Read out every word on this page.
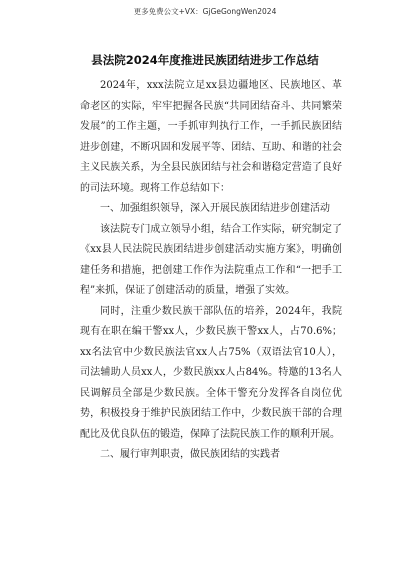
更多免费公文+VX：GjGeGongWen2024
县法院2024年度推进民族团结进步工作总结

2024年，xxx法院立足xx县边疆地区、民族地区、革命老区的实际，牢牢把握各民族“共同团结奋斗、共同繁荣发展”的工作主题，一手抓审判执行工作，一手抓民族团结进步创建，不断巩固和发展平等、团结、互助、和谐的社会主义民族关系，为全县民族团结与社会和谐稳定营造了良好的司法环境。现将工作总结如下：

一、加强组织领导，深入开展民族团结进步创建活动

该法院专门成立领导小组，结合工作实际，研究制定了《xx县人民法院民族团结进步创建活动实施方案》，明确创建任务和措施，把创建工作作为法院重点工作和“一把手工程”来抓，保证了创建活动的质量，增强了实效。

同时，注重少数民族干部队伍的培养，2024年，我院现有在职在编干警xx人，少数民族干警xx人，占70.6%；xx名法官中少数民族法官xx人占75%（双语法官10人），司法辅助人员xx人，少数民族xx人占84%。特邀的13名人民调解员全部是少数民族。全体干警充分发挥各自岗位优势，积极投身于维护民族团结工作中，少数民族干部的合理配比及优良队伍的锻造，保障了法院民族工作的顺利开展。

二、履行审判职责，做民族团结的实践者
